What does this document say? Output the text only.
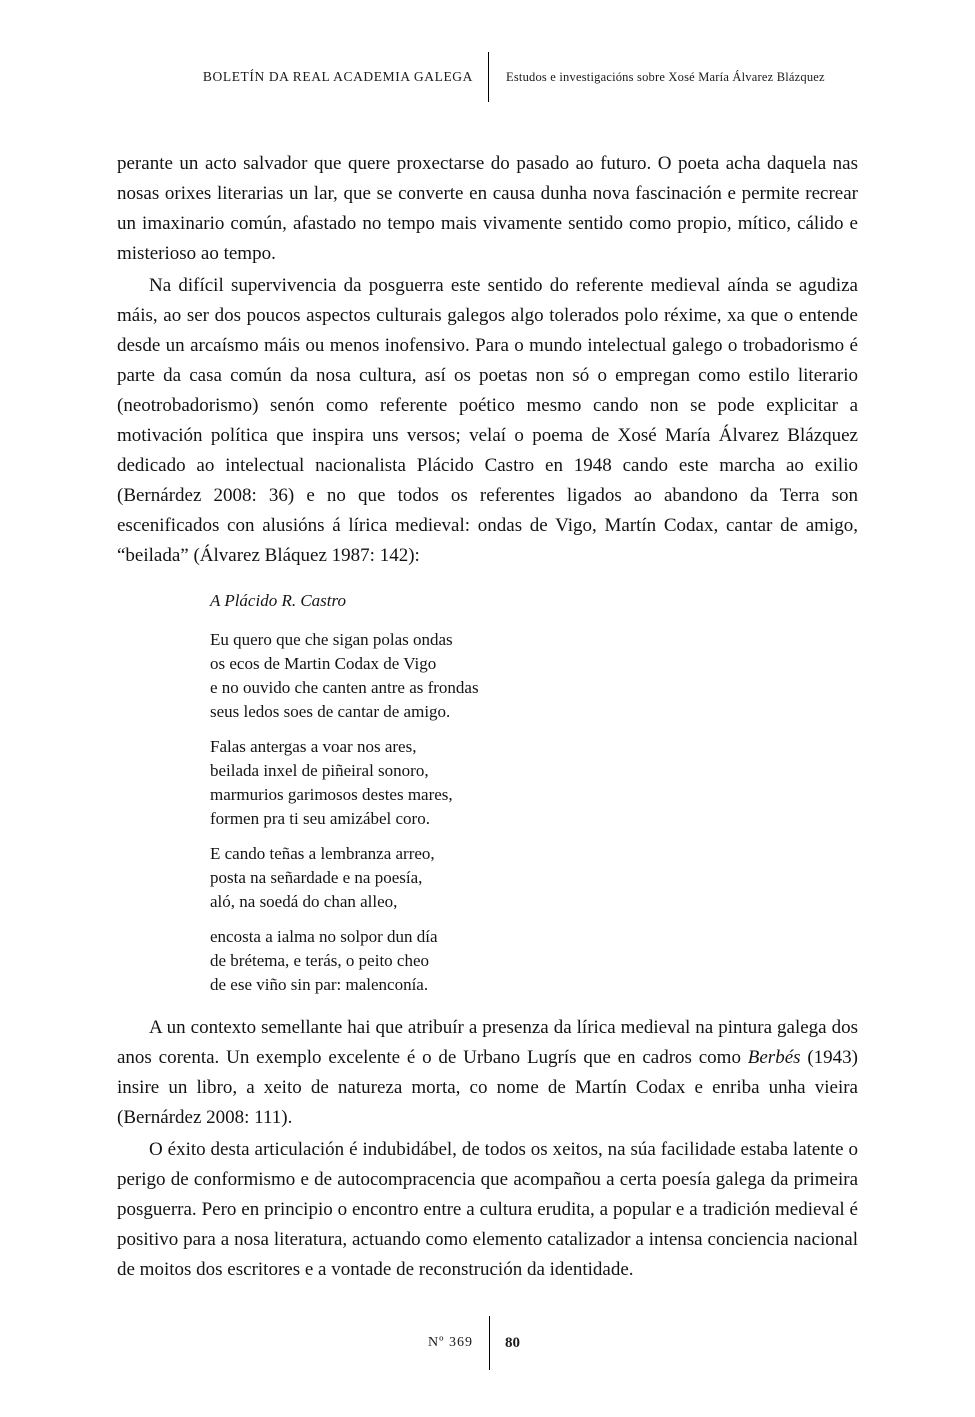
BOLETÍN DA REAL ACADEMIA GALEGA	Estudos e investigacións sobre Xosé María Álvarez Blázquez

perante un acto salvador que quere proxectarse do pasado ao futuro. O poeta acha daquela nas nosas orixes literarias un lar, que se converte en causa dunha nova fascinación e permite recrear un imaxinario común, afastado no tempo mais vivamente sentido como propio, mítico, cálido e misterioso ao tempo.

Na difícil supervivencia da posguerra este sentido do referente medieval aínda se agudiza máis, ao ser dos poucos aspectos culturais galegos algo tolerados polo réxime, xa que o entende desde un arcaísmo máis ou menos inofensivo. Para o mundo intelectual galego o trobadorismo é parte da casa común da nosa cultura, así os poetas non só o empregan como estilo literario (neotrobadorismo) senón como referente poético mesmo cando non se pode explicitar a motivación política que inspira uns versos; velaí o poema de Xosé María Álvarez Blázquez dedicado ao intelectual nacionalista Plácido Castro en 1948 cando este marcha ao exilio (Bernárdez 2008: 36) e no que todos os referentes ligados ao abandono da Terra son escenificados con alusións á lírica medieval: ondas de Vigo, Martín Codax, cantar de amigo, “beilada” (Álvarez Bláquez 1987: 142):

A Plácido R. Castro
Eu quero que che sigan polas ondas
os ecos de Martin Codax de Vigo
e no ouvido che canten antre as frondas
seus ledos soes de cantar de amigo.
Falas antergas a voar nos ares,
beilada inxel de piñeiral sonoro,
marmurios garimosos destes mares,
formen pra ti seu amizábel coro.
E cando teñas a lembranza arreo,
posta na señardade e na poesía,
aló, na soedá do chan alleo,
encosta a ialma no solpor dun día
de brétema, e terás, o peito cheo
de ese viño sin par: malenconía.

A un contexto semellante hai que atribuír a presenza da lírica medieval na pintura galega dos anos corenta. Un exemplo excelente é o de Urbano Lugrís que en cadros como Berbés (1943) insire un libro, a xeito de natureza morta, co nome de Martín Codax e enriba unha vieira (Bernárdez 2008: 111).

O éxito desta articulación é indubidábel, de todos os xeitos, na súa facilidade estaba latente o perigo de conformismo e de autocompracencia que acompañou a certa poesía galega da primeira posguerra. Pero en principio o encontro entre a cultura erudita, a popular e a tradición medieval é positivo para a nosa literatura, actuando como elemento catalizador a intensa conciencia nacional de moitos dos escritores e a vontade de reconstrución da identidade.

Nº 369	80
